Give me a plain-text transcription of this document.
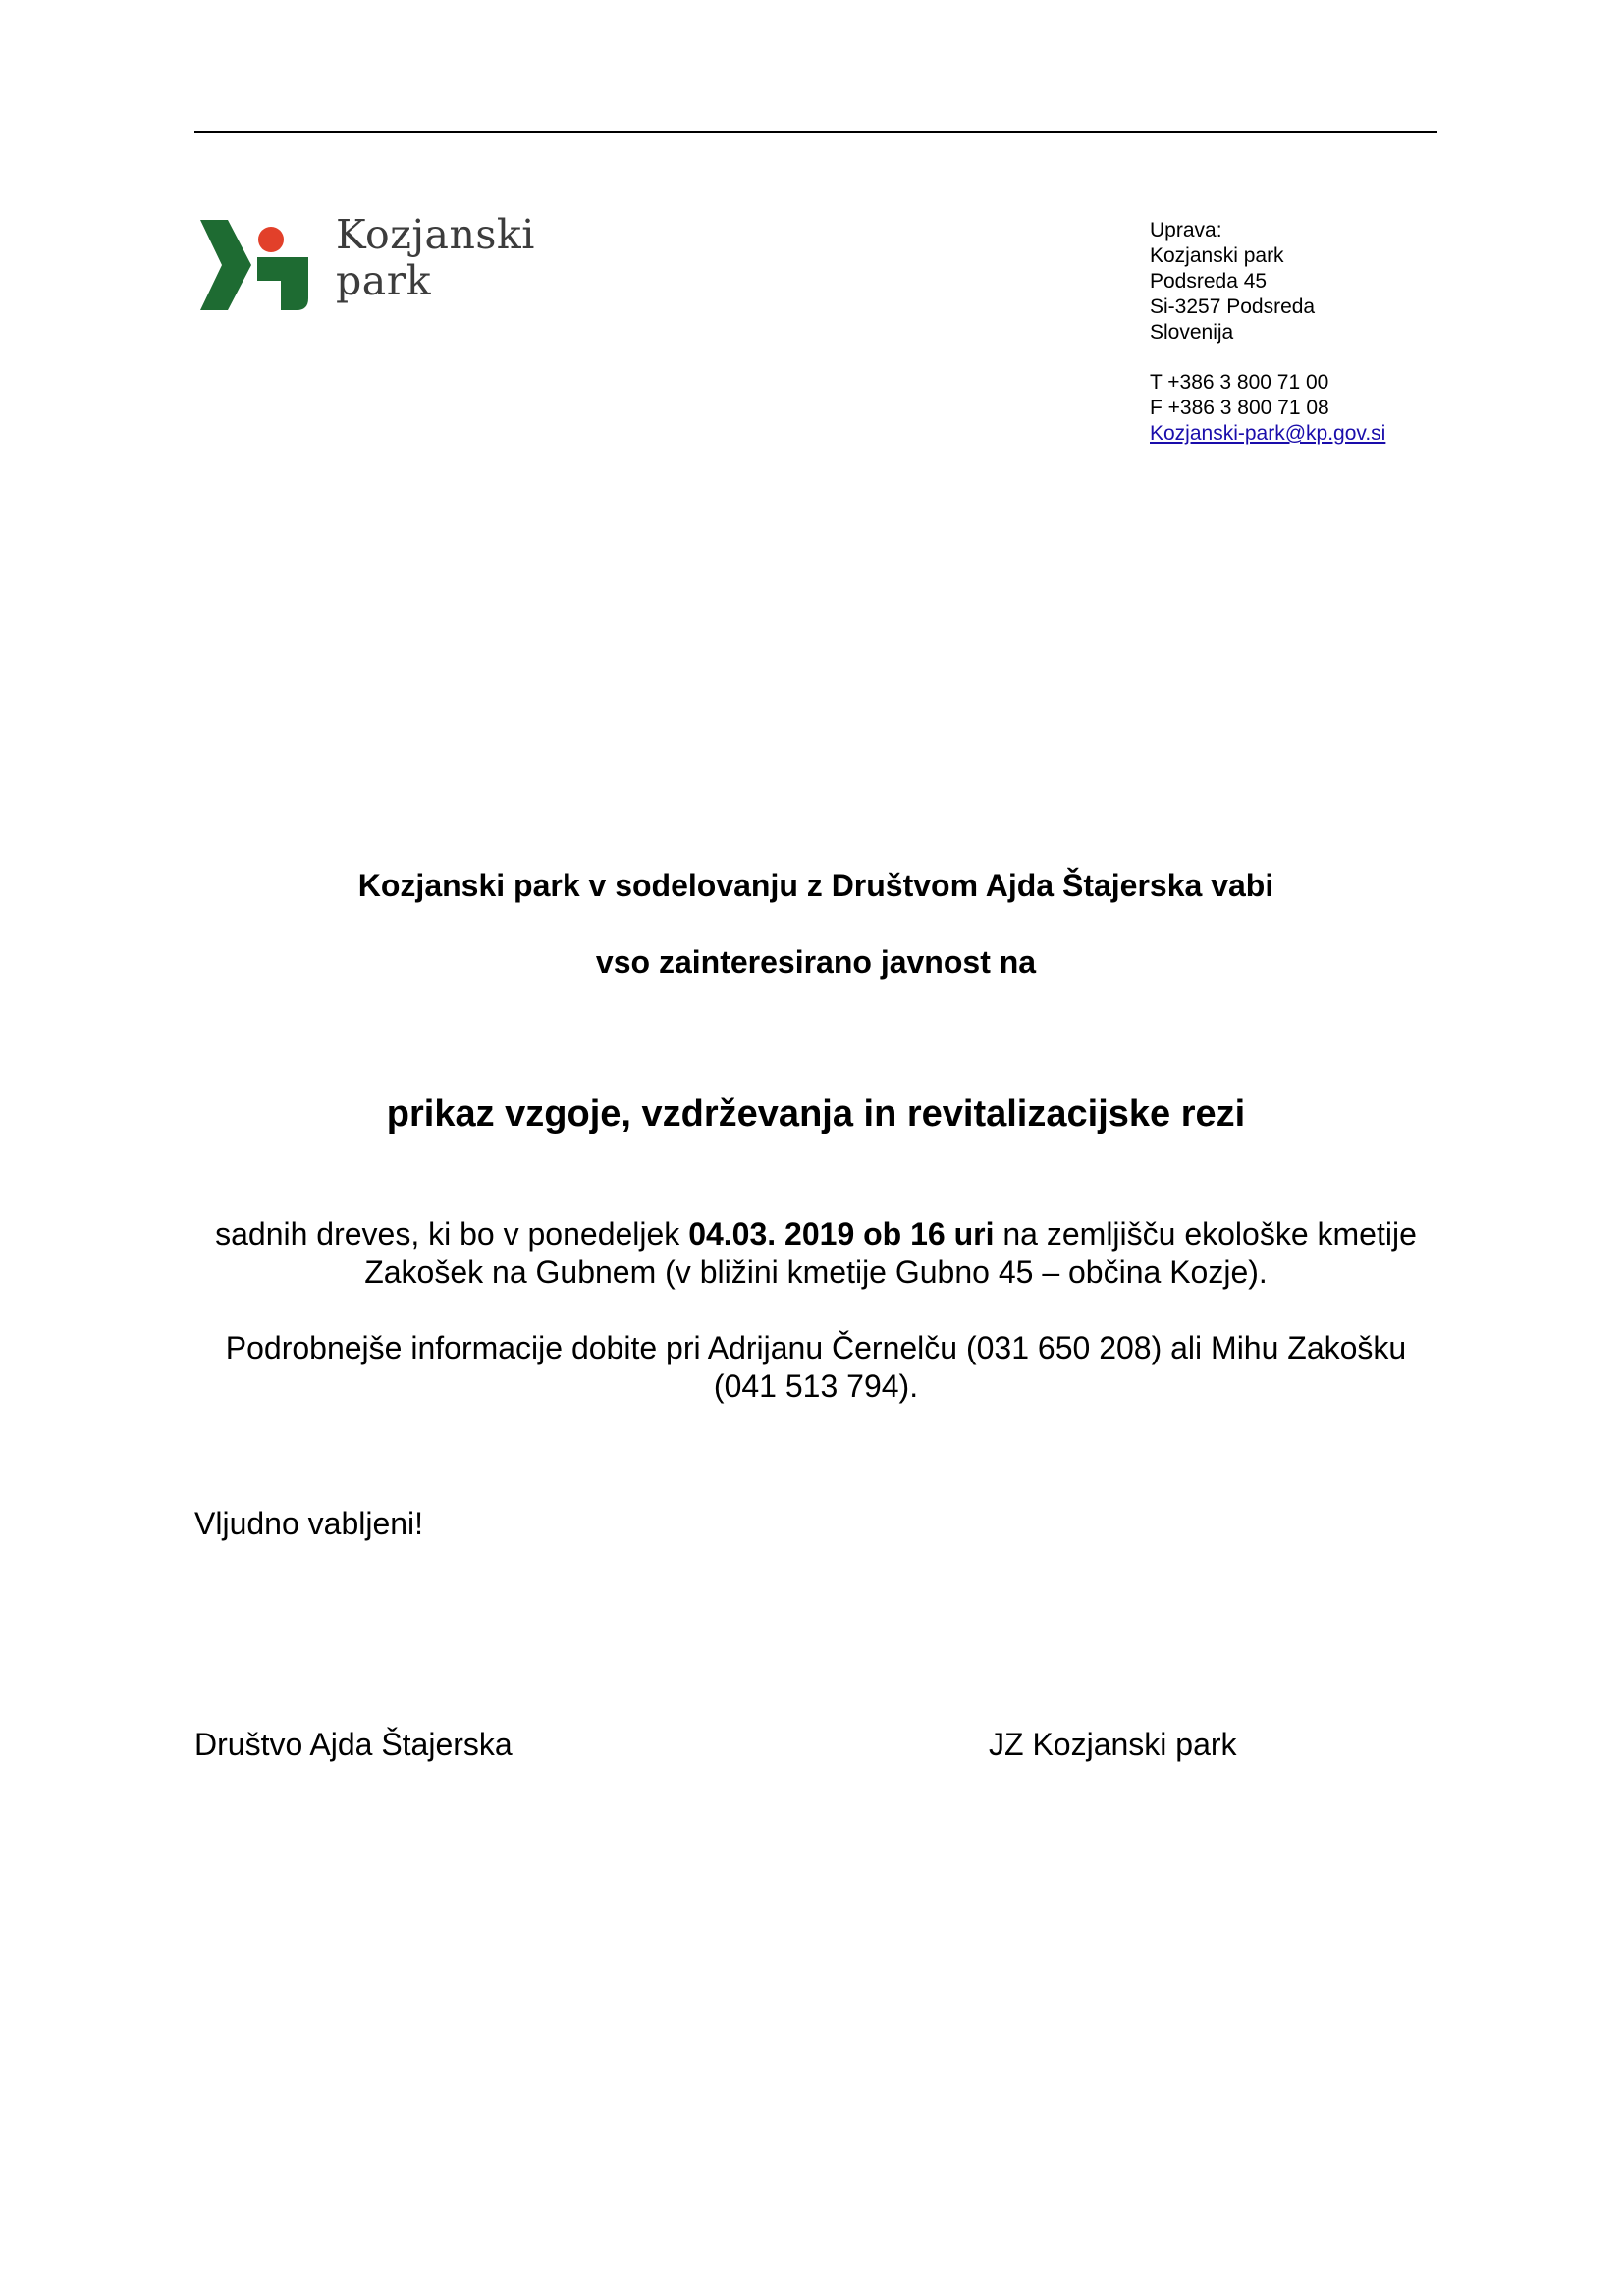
Kozjanski
park
Uprava:
Kozjanski park
Podsreda 45
Si-3257 Podsreda
Slovenija
T +386 3 800 71 00
F +386 3 800 71 08
Kozjanski-park@kp.gov.si
Kozjanski park v sodelovanju z Društvom Ajda Štajerska vabi
vso zainteresirano javnost na
prikaz vzgoje, vzdrževanja in revitalizacijske rezi
sadnih dreves, ki bo v ponedeljek 04.03. 2019 ob 16 uri na zemljišču ekološke kmetije Zakošek na Gubnem (v bližini kmetije Gubno 45 – občina Kozje).
Podrobnejše informacije dobite pri Adrijanu Černelču (031 650 208) ali Mihu Zakošku (041 513 794).
Vljudno vabljeni!
Društvo Ajda Štajerska	JZ Kozjanski park
